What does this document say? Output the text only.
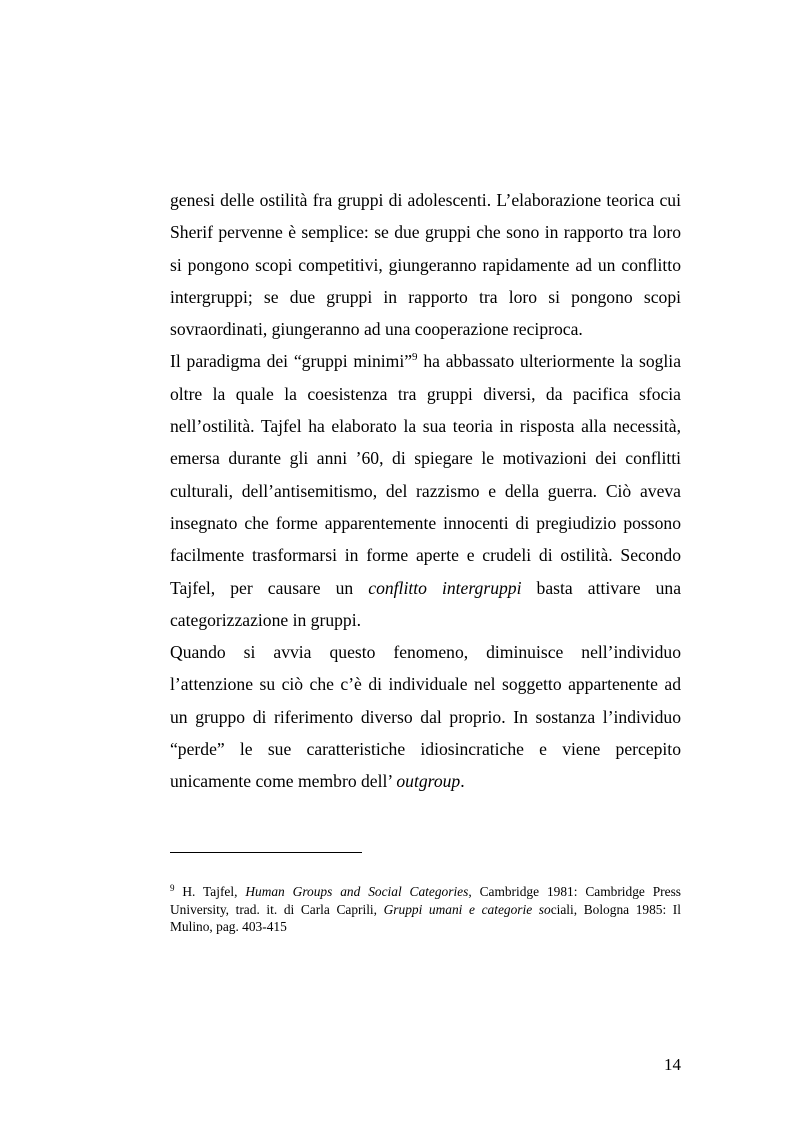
genesi delle ostilità fra gruppi di adolescenti. L’elaborazione teorica cui Sherif pervenne è semplice: se due gruppi che sono in rapporto tra loro si pongono scopi competitivi, giungeranno rapidamente ad un conflitto intergruppi; se due gruppi in rapporto tra loro si pongono scopi sovraordinati, giungeranno ad una cooperazione reciproca.

Il paradigma dei “gruppi minimi”$^9$ ha abbassato ulteriormente la soglia oltre la quale la coesistenza tra gruppi diversi, da pacifica sfocia nell’ostilità. Tajfel ha elaborato la sua teoria in risposta alla necessità, emersa durante gli anni ’60, di spiegare le motivazioni dei conflitti culturali, dell’antisemitismo, del razzismo e della guerra. Ciò aveva insegnato che forme apparentemente innocenti di pregiudizio possono facilmente trasformarsi in forme aperte e crudeli di ostilità. Secondo Tajfel, per causare un conflitto intergruppi basta attivare una categorizzazione in gruppi.

Quando si avvia questo fenomeno, diminuisce nell’individuo l’attenzione su ciò che c’è di individuale nel soggetto appartenente ad un gruppo di riferimento diverso dal proprio. In sostanza l’individuo “perde” le sue caratteristiche idiosincratiche e viene percepito unicamente come membro dell’ outgroup.

$^9$ H. Tajfel, Human Groups and Social Categories, Cambridge 1981: Cambridge Press University, trad. it. di Carla Caprili, Gruppi umani e categorie sociali, Bologna 1985: Il Mulino, pag. 403-415

14
